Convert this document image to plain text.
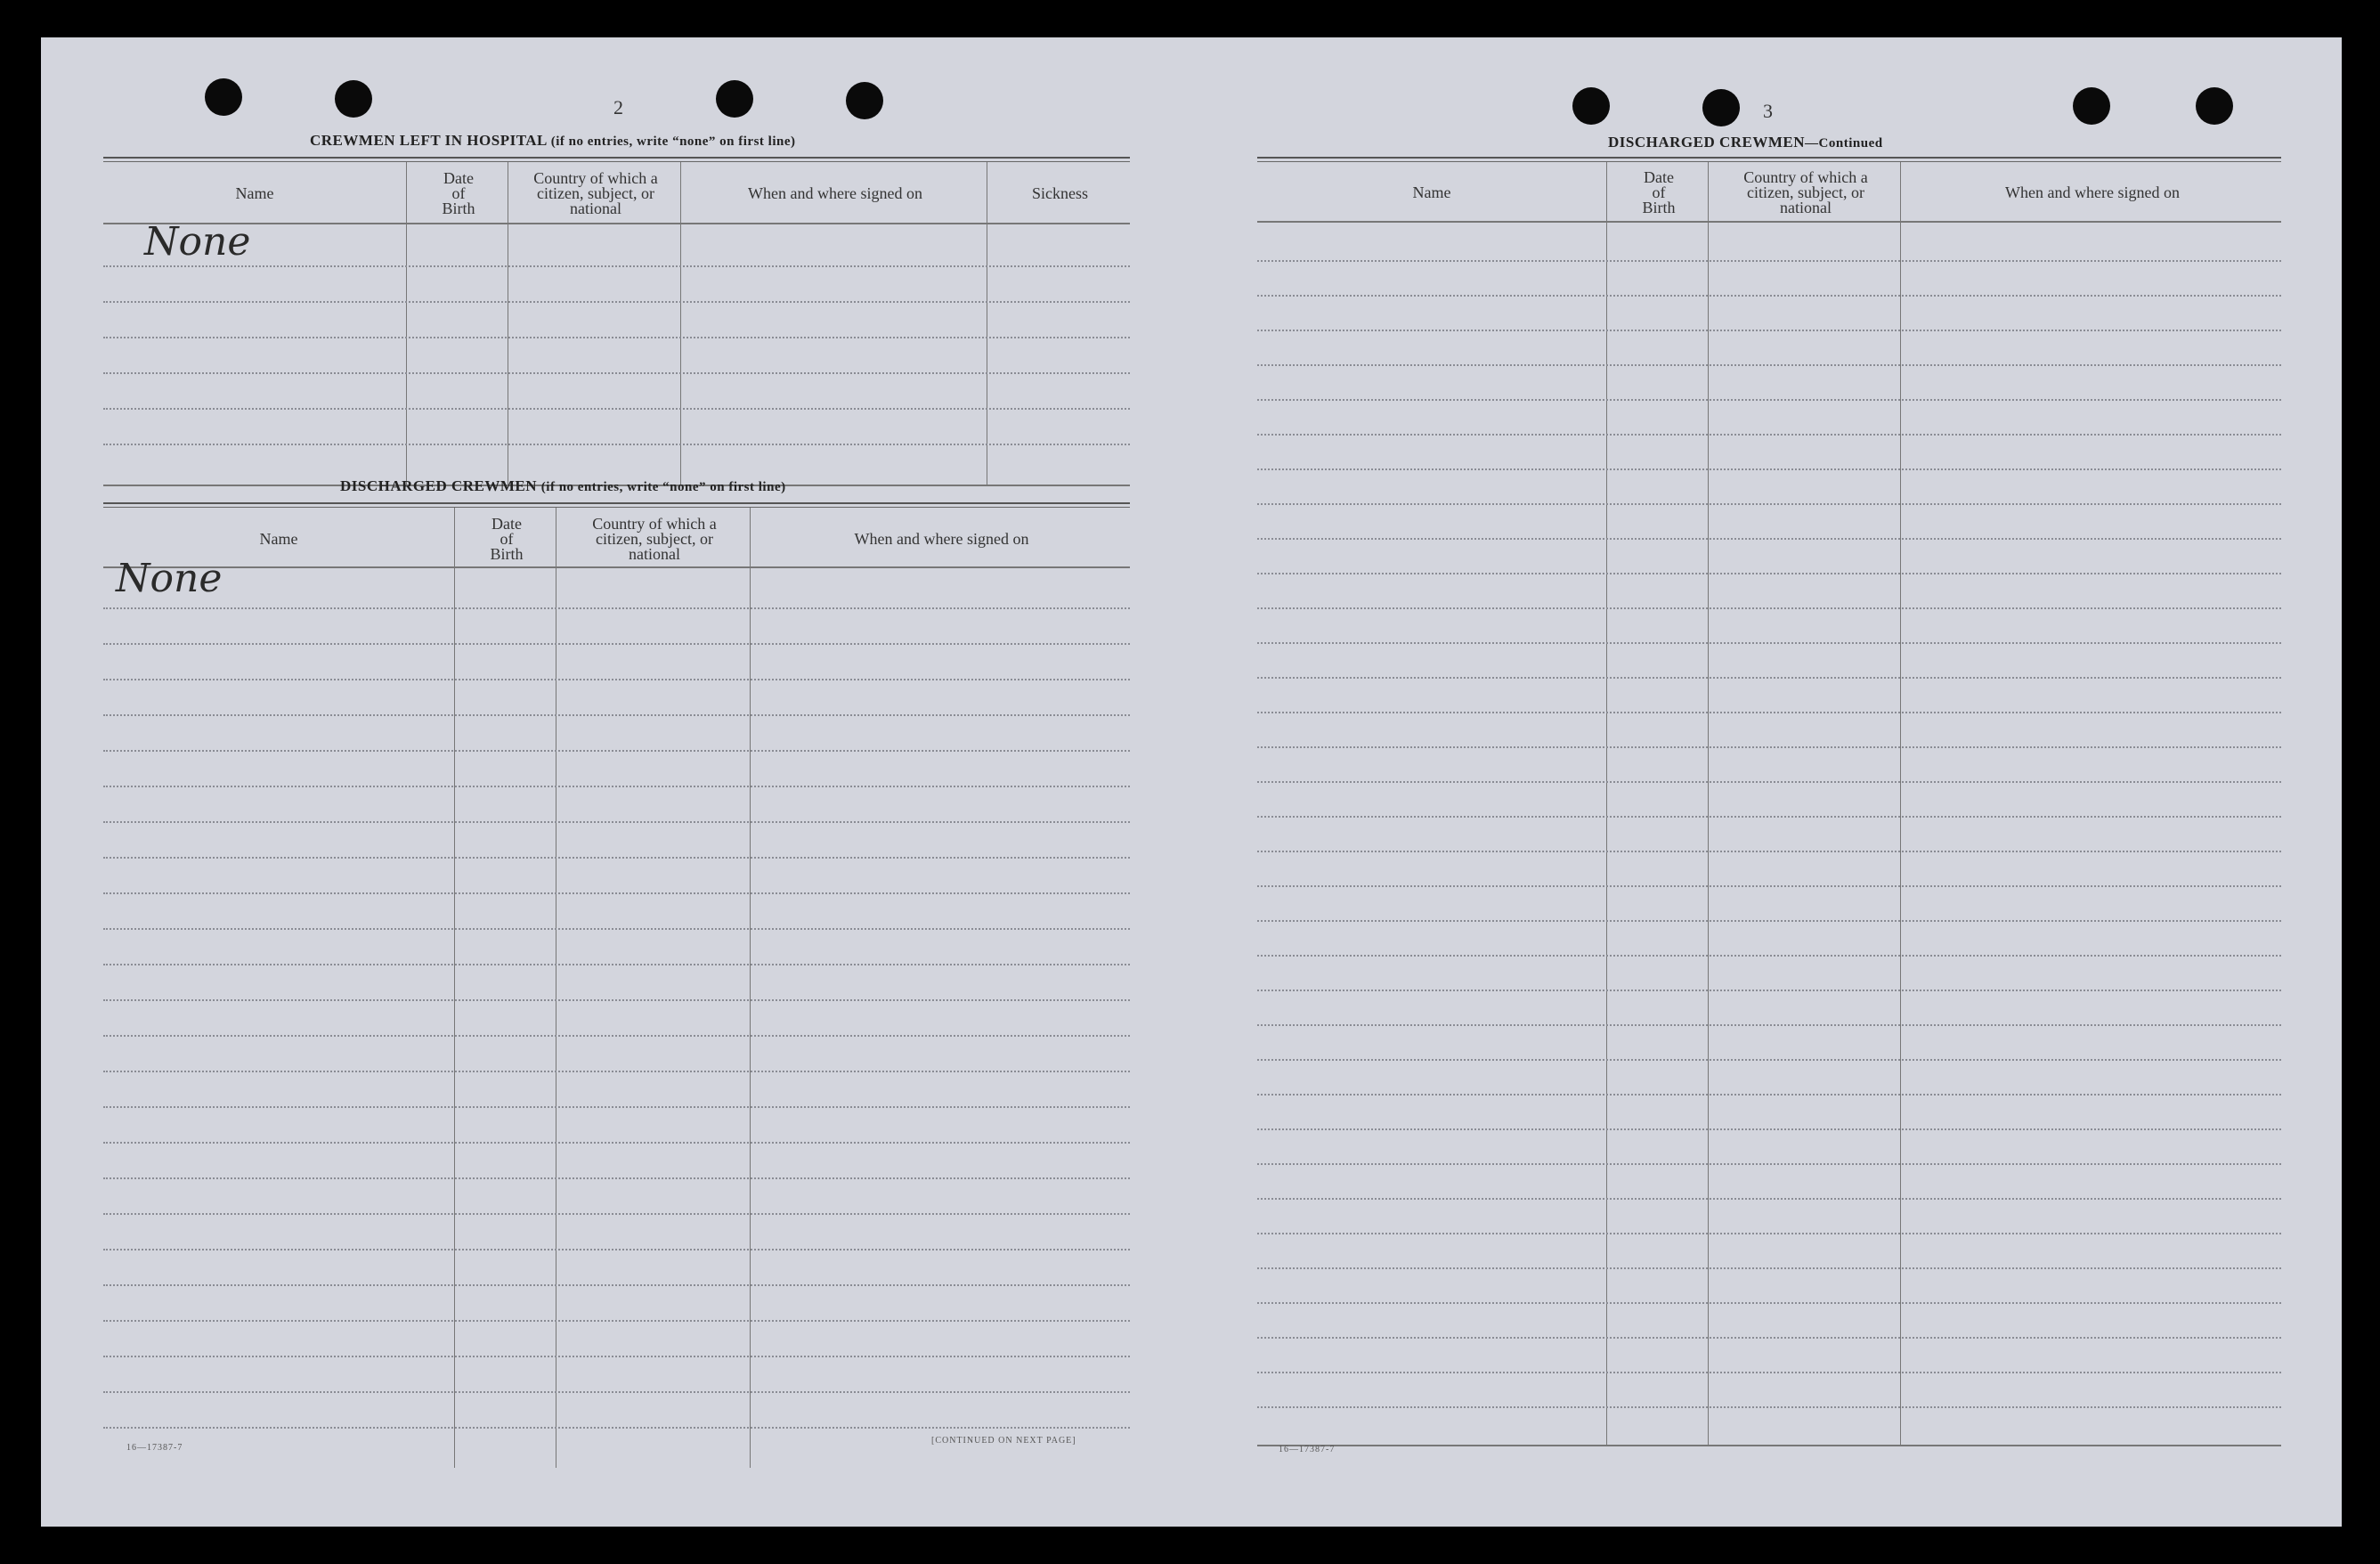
2
CREWMEN LEFT IN HOSPITAL (if no entries, write “none” on first line)
Name
Date of Birth
Country of which a citizen, subject, or national
When and where signed on	Sickness
None
DISCHARGED CREWMEN (if no entries, write “none” on first line)
Name
Date of Birth
Country of which a citizen, subject, or national
When and where signed on
None
16—17387-7
[CONTINUED ON NEXT PAGE]
3
DISCHARGED CREWMEN—Continued
Name
Date of Birth
Country of which a citizen, subject, or national
When and where signed on
16—17387-7
